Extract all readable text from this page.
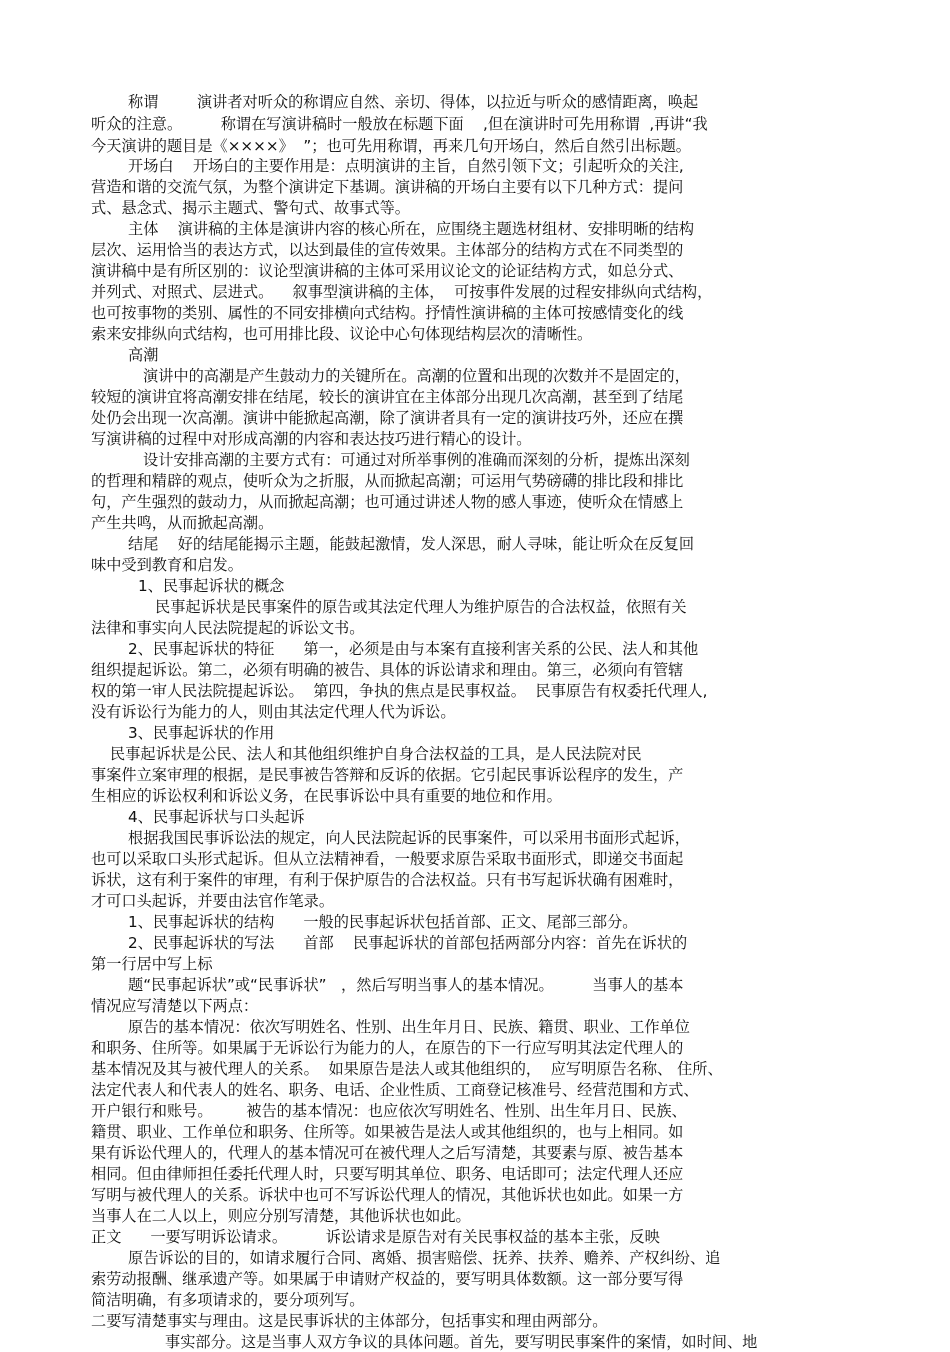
称谓        演讲者对听众的称谓应自然、亲切、得体，以拉近与听众的感情距离，唤起

听众的注意。        称谓在写演讲稿时一般放在标题下面    ,但在演讲时可先用称谓  ,再讲“我

今天演讲的题目是《××××》  ”；也可先用称谓，再来几句开场白，然后自然引出标题。

开场白    开场白的主要作用是：点明演讲的主旨，自然引领下文；引起听众的关注,

营造和谐的交流气氛，为整个演讲定下基调。演讲稿的开场白主要有以下几种方式：提问

式、悬念式、揭示主题式、警句式、故事式等。

主体    演讲稿的主体是演讲内容的核心所在，应围绕主题选材组材、安排明晰的结构

层次、运用恰当的表达方式，以达到最佳的宣传效果。主体部分的结构方式在不同类型的

演讲稿中是有所区别的：议论型演讲稿的主体可采用议论文的论证结构方式，如总分式、

并列式、对照式、层进式。    叙事型演讲稿的主体，  可按事件发展的过程安排纵向式结构，

也可按事物的类别、属性的不同安排横向式结构。抒情性演讲稿的主体可按感情变化的线

索来安排纵向式结构，也可用排比段、议论中心句体现结构层次的清晰性。

高潮

演讲中的高潮是产生鼓动力的关键所在。高潮的位置和出现的次数并不是固定的，

较短的演讲宜将高潮安排在结尾，较长的演讲宜在主体部分出现几次高潮，甚至到了结尾

处仍会出现一次高潮。演讲中能掀起高潮，除了演讲者具有一定的演讲技巧外，还应在撰

写演讲稿的过程中对形成高潮的内容和表达技巧进行精心的设计。

设计安排高潮的主要方式有：可通过对所举事例的准确而深刻的分析，提炼出深刻

的哲理和精辟的观点，使听众为之折服，从而掀起高潮；可运用气势磅礴的排比段和排比

句，产生强烈的鼓动力，从而掀起高潮；也可通过讲述人物的感人事迹，使听众在情感上

产生共鸣，从而掀起高潮。

结尾    好的结尾能揭示主题，能鼓起激情，发人深思，耐人寻味，能让听众在反复回

味中受到教育和启发。

1、民事起诉状的概念

民事起诉状是民事案件的原告或其法定代理人为维护原告的合法权益，依照有关

法律和事实向人民法院提起的诉讼文书。

2、民事起诉状的特征      第一，必须是由与本案有直接利害关系的公民、法人和其他

组织提起诉讼。第二，必须有明确的被告、具体的诉讼请求和理由。第三，必须向有管辖

权的第一审人民法院提起诉讼。  第四，争执的焦点是民事权益。  民事原告有权委托代理人,

没有诉讼行为能力的人，则由其法定代理人代为诉讼。

3、民事起诉状的作用

民事起诉状是公民、法人和其他组织维护自身合法权益的工具，是人民法院对民

事案件立案审理的根据，是民事被告答辩和反诉的依据。它引起民事诉讼程序的发生，产

生相应的诉讼权利和诉讼义务，在民事诉讼中具有重要的地位和作用。

4、民事起诉状与口头起诉

根据我国民事诉讼法的规定，向人民法院起诉的民事案件，可以采用书面形式起诉，

也可以采取口头形式起诉。但从立法精神看，一般要求原告采取书面形式，即递交书面起

诉状，这有利于案件的审理，有利于保护原告的合法权益。只有书写起诉状确有困难时，

才可口头起诉，并要由法官作笔录。

1、民事起诉状的结构      一般的民事起诉状包括首部、正文、尾部三部分。

2、民事起诉状的写法      首部    民事起诉状的首部包括两部分内容：首先在诉状的

第一行居中写上标

题“民事起诉状”或“民事诉状”   ，然后写明当事人的基本情况。        当事人的基本

情况应写清楚以下两点：

原告的基本情况：依次写明姓名、性别、出生年月日、民族、籍贯、职业、工作单位

和职务、住所等。如果属于无诉讼行为能力的人，在原告的下一行应写明其法定代理人的

基本情况及其与被代理人的关系。  如果原告是法人或其他组织的，  应写明原告名称、 住所、

法定代表人和代表人的姓名、职务、电话、企业性质、工商登记核准号、经营范围和方式、

开户银行和账号。       被告的基本情况：也应依次写明姓名、性别、出生年月日、民族、

籍贯、职业、工作单位和职务、住所等。如果被告是法人或其他组织的，也与上相同。如

果有诉讼代理人的，代理人的基本情况可在被代理人之后写清楚，其要素与原、被告基本

相同。但由律师担任委托代理人时，只要写明其单位、职务、电话即可；法定代理人还应

写明与被代理人的关系。诉状中也可不写诉讼代理人的情况，其他诉状也如此。如果一方

当事人在二人以上，则应分别写清楚，其他诉状也如此。

正文      一要写明诉讼请求。        诉讼请求是原告对有关民事权益的基本主张，反映

原告诉讼的目的，如请求履行合同、离婚、损害赔偿、抚养、扶养、赡养、产权纠纷、追

索劳动报酬、继承遗产等。如果属于申请财产权益的，要写明具体数额。这一部分要写得

简洁明确，有多项请求的，要分项列写。

二要写清楚事实与理由。这是民事诉状的主体部分，包括事实和理由两部分。

事实部分。这是当事人双方争议的具体问题。首先，要写明民事案件的案情，如时间、地
